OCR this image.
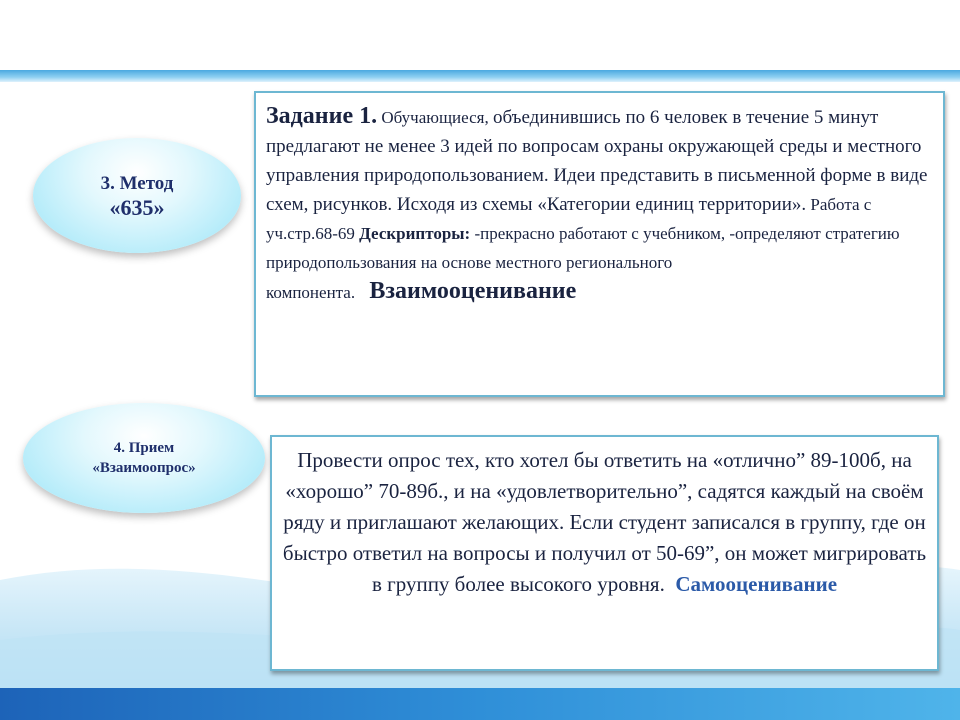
3. Метод
«635»
4. Прием
«Взаимоопрос»
Задание 1. Обучающиеся, объединившись по 6 человек в течение 5 минут предлагают не менее 3 идей по вопросам охраны окружающей среды и местного управления природопользованием. Идеи представить в письменной форме в виде схем, рисунков. Исходя из схемы «Категории единиц территории». Работа с уч.стр.68-69 Дескрипторы: -прекрасно работают с учебником, -определяют стратегию природопользования на основе местного регионального компонента. Взаимооценивание
Провести опрос тех, кто хотел бы ответить на «отлично” 89-100б, на «хорошо” 70-89б., и на «удовлетворительно”, садятся каждый на своём ряду и приглашают желающих. Если студент записался в группу, где он быстро ответил на вопросы и получил от 50-69”, он может мигрировать в группу более высокого уровня. Самооценивание
